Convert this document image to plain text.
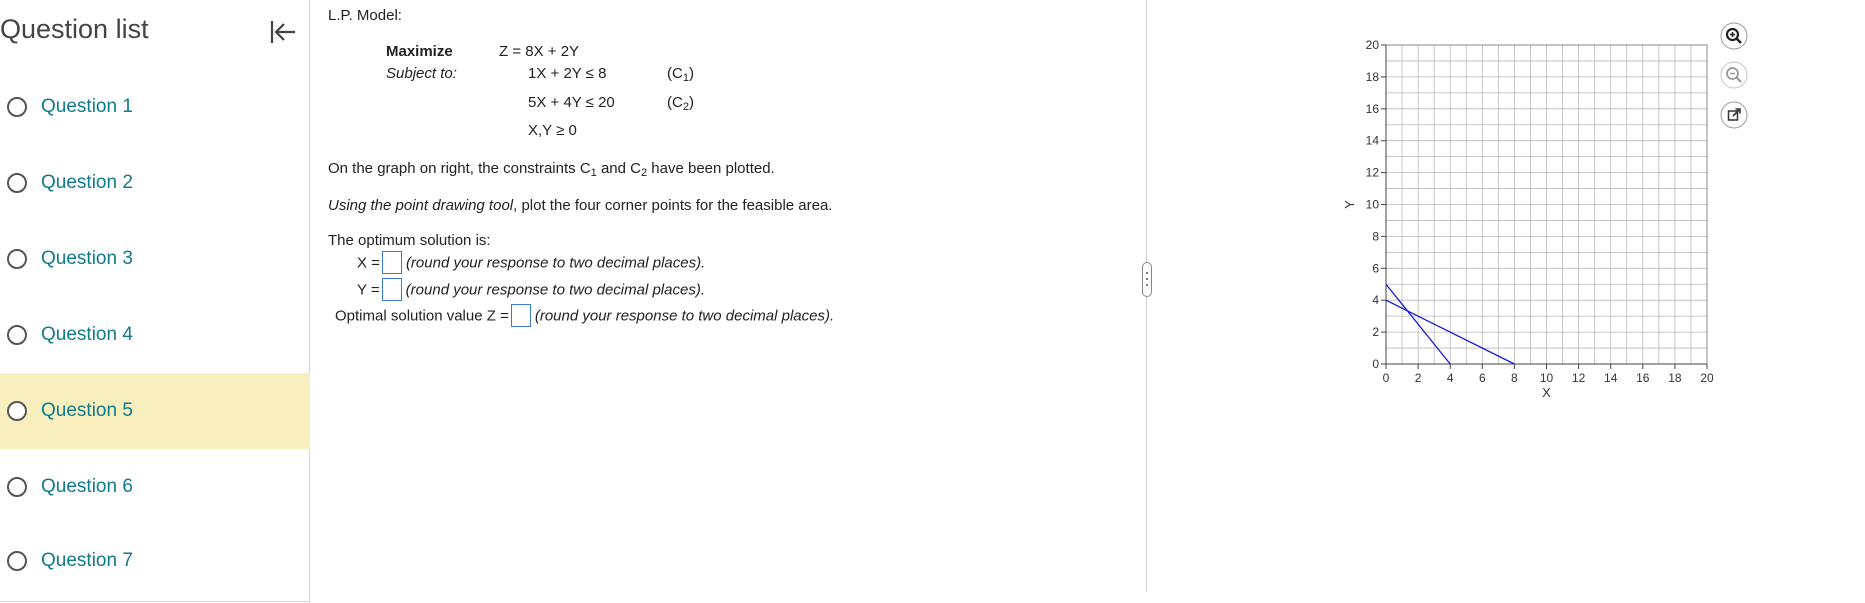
Question list
Question 1
Question 2
Question 3
Question 4
Question 5
Question 6
Question 7
L.P. Model:
Maximize	Z = 8X + 2Y
Subject to:	1X + 2Y ≤ 8	$(C_1)$
5X + 4Y ≤ 20	$(C_2)$
X,Y ≥ 0
On the graph on right, the constraints $C_1$ and $C_2$ have been plotted.
Using the point drawing tool, plot the four corner points for the feasible area.
The optimum solution is:
X = (round your response to two decimal places).
Y = (round your response to two decimal places).
Optimal solution value Z = (round your response to two decimal places).
0 2 4 6 8 10 12 14 16 18 20
0
2
4
6
8
10
12
14
16
18
20
X
Y
